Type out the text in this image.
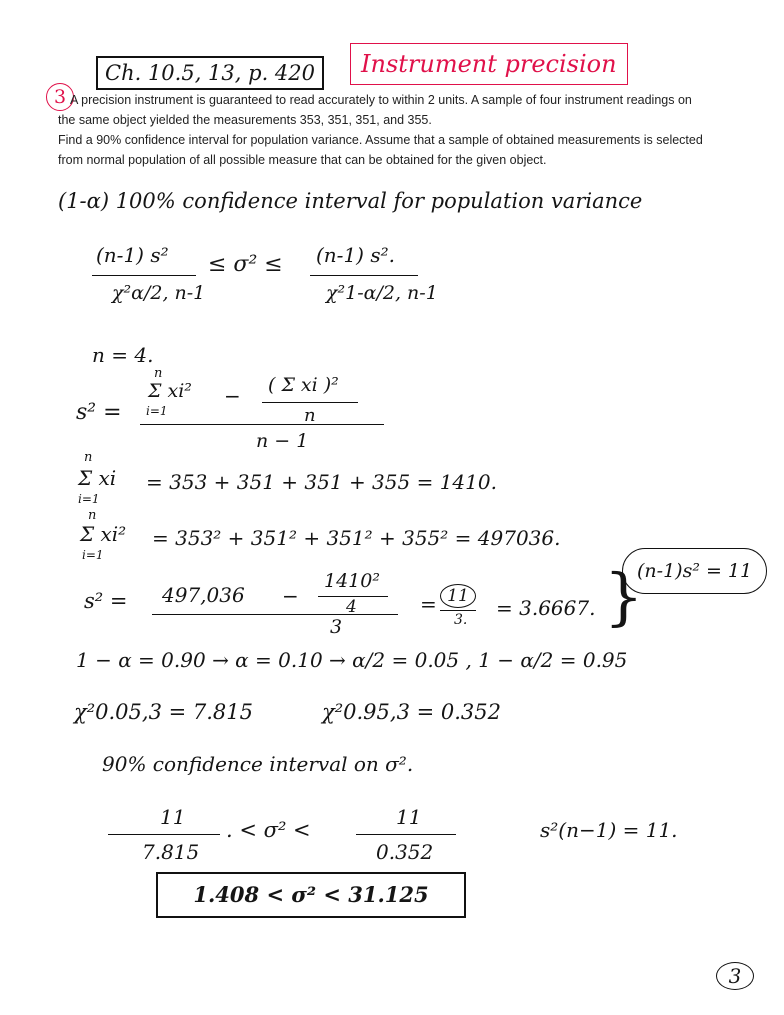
Ch. 10.5, 13, p. 420	Instrument precision
3 A precision instrument is guaranteed to read accurately to within 2 units. A sample of four instrument readings on
the same object yielded the measurements 353, 351, 351, and 355.
Find a 90% confidence interval for population variance. Assume that a sample of obtained measurements is selected
from normal population of all possible measure that can be obtained for the given object.
(1-α) 100% confidence interval for population variance
(n-1) s²
χ²α/2, n-1
≤ σ² ≤ (n-1) s².
χ²1-α/2, n-1
n = 4.
s² =
n
Σ xi²
i=1
− ( Σ xi )²
n
n − 1
n
Σ xi
i=1
= 353 + 351 + 351 + 355 = 1410.
n
Σ xi²
i=1
= 353² + 351² + 351² + 355² = 497036.
s² = 497,036 −
1410²
4
3
= 11
3. = 3.6667. }
(n-1)s² = 11
1 − α = 0.90 → α = 0.10 → α/2 = 0.05 , 1 − α/2 = 0.95
χ²0.05,3 = 7.815	χ²0.95,3 = 0.352
90% confidence interval on σ².
11
7.815
. < σ² <
11
0.352
s²(n−1) = 11.
1.408 < σ² < 31.125
3
